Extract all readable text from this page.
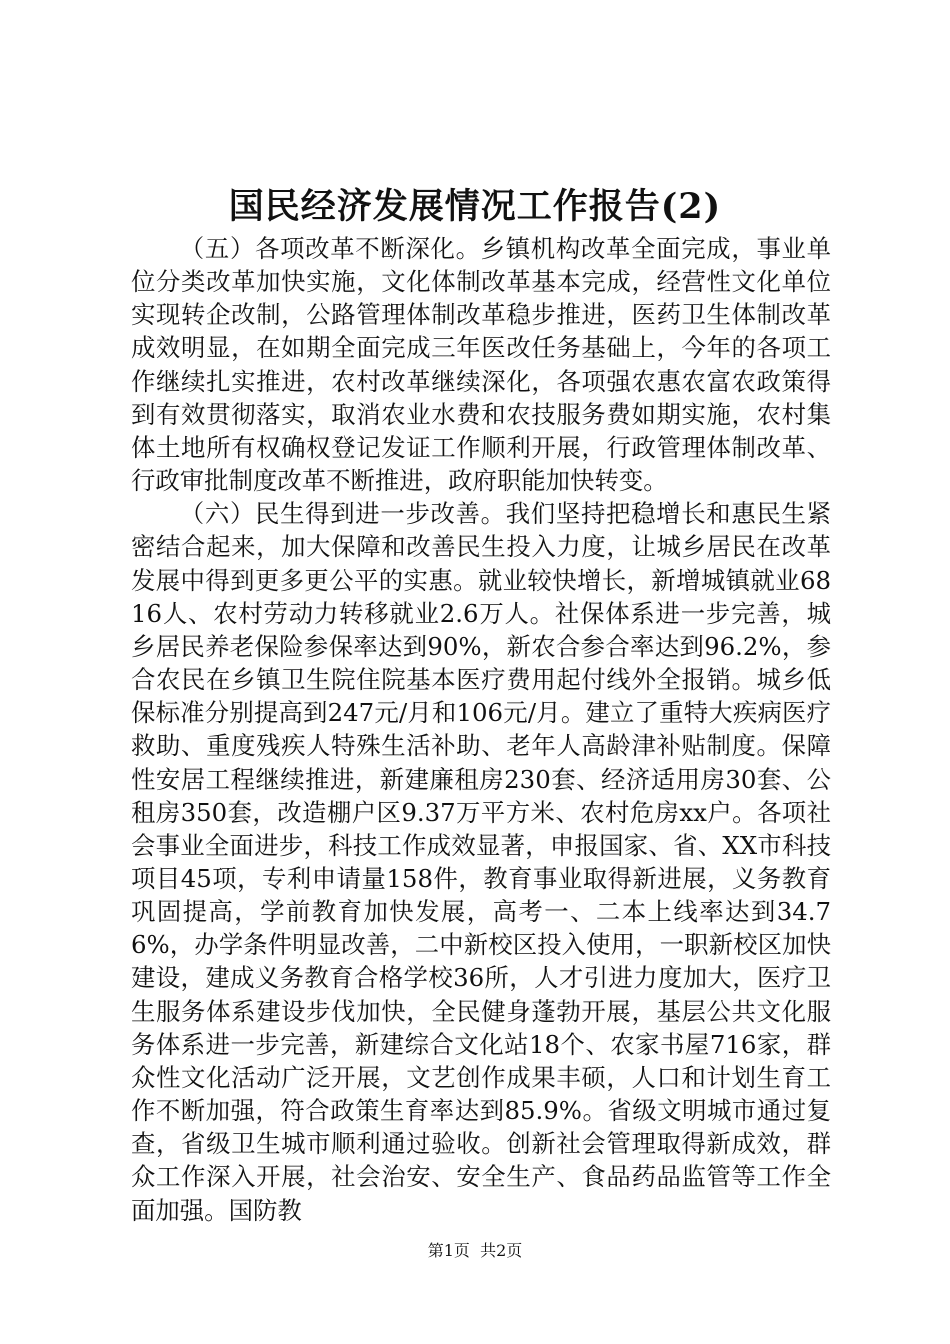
国民经济发展情况工作报告(2)

（五）各项改革不断深化。乡镇机构改革全面完成，事业单位分类改革加快实施，文化体制改革基本完成，经营性文化单位实现转企改制，公路管理体制改革稳步推进，医药卫生体制改革成效明显，在如期全面完成三年医改任务基础上，今年的各项工作继续扎实推进，农村改革继续深化，各项强农惠农富农政策得到有效贯彻落实，取消农业水费和农技服务费如期实施，农村集体土地所有权确权登记发证工作顺利开展，行政管理体制改革、行政审批制度改革不断推进，政府职能加快转变。

（六）民生得到进一步改善。我们坚持把稳增长和惠民生紧密结合起来，加大保障和改善民生投入力度，让城乡居民在改革发展中得到更多更公平的实惠。就业较快增长，新增城镇就业6816人、农村劳动力转移就业2.6万人。社保体系进一步完善，城乡居民养老保险参保率达到90%，新农合参合率达到96.2%，参合农民在乡镇卫生院住院基本医疗费用起付线外全报销。城乡低保标准分别提高到247元/月和106元/月。建立了重特大疾病医疗救助、重度残疾人特殊生活补助、老年人高龄津补贴制度。保障性安居工程继续推进，新建廉租房230套、经济适用房30套、公租房350套，改造棚户区9.37万平方米、农村危房xx户。各项社会事业全面进步，科技工作成效显著，申报国家、省、XX市科技项目45项，专利申请量158件，教育事业取得新进展，义务教育巩固提高，学前教育加快发展，高考一、二本上线率达到34.76%，办学条件明显改善，二中新校区投入使用，一职新校区加快建设，建成义务教育合格学校36所，人才引进力度加大，医疗卫生服务体系建设步伐加快，全民健身蓬勃开展，基层公共文化服务体系进一步完善，新建综合文化站18个、农家书屋716家，群众性文化活动广泛开展，文艺创作成果丰硕，人口和计划生育工作不断加强，符合政策生育率达到85.9%。省级文明城市通过复查，省级卫生城市顺利通过验收。创新社会管理取得新成效，群众工作深入开展，社会治安、安全生产、食品药品监管等工作全面加强。国防教

第1页 共2页
